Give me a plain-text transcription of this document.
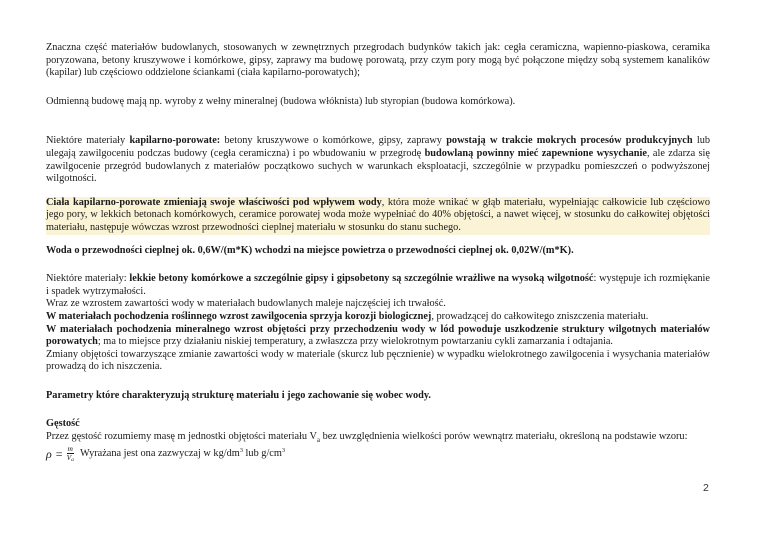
Znaczna część materiałów budowlanych, stosowanych w zewnętrznych przegrodach budynków takich jak: cegła ceramiczna, wapienno-piaskowa, ceramika poryzowana, betony kruszywowe i komórkowe, gipsy, zaprawy ma budowę porowatą, przy czym pory mogą być połączone między sobą systemem kanalików (kapilar) lub częściowo oddzielone ściankami (ciała kapilarno-porowatych);

Odmienną budowę mają np. wyroby z wełny mineralnej (budowa włóknista) lub styropian (budowa komórkowa).

Niektóre materiały kapilarno-porowate: betony kruszywowe o komórkowe, gipsy, zaprawy powstają w trakcie mokrych procesów produkcyjnych lub ulegają zawilgoceniu podczas budowy (cegła ceramiczna) i po wbudowaniu w przegrodę budowlaną powinny mieć zapewnione wysychanie, ale zdarza się zawilgocenie przegród budowlanych z materiałów początkowo suchych w warunkach eksploatacji, szczególnie w przypadku pomieszczeń o podwyższonej wilgotności.

Ciała kapilarno-porowate zmieniają swoje właściwości pod wpływem wody, która może wnikać w głąb materiału, wypełniając całkowicie lub częściowo jego pory, w lekkich betonach komórkowych, ceramice porowatej woda może wypełniać do 40% objętości, a nawet więcej, w stosunku do całkowitej objętości materiału, następuje wówczas wzrost przewodności cieplnej materiału w stosunku do stanu suchego.

Woda o przewodności cieplnej ok. 0,6W/(m*K) wchodzi na miejsce powietrza o przewodności cieplnej ok. 0,02W/(m*K).

Niektóre materiały: lekkie betony komórkowe a szczególnie gipsy i gipsobetony są szczególnie wrażliwe na wysoką wilgotność: występuje ich rozmiękanie i spadek wytrzymałości.

Wraz ze wzrostem zawartości wody w materiałach budowlanych maleje najczęściej ich trwałość.

W materiałach pochodzenia roślinnego wzrost zawilgocenia sprzyja korozji biologicznej, prowadzącej do całkowitego zniszczenia materiału.

W materiałach pochodzenia mineralnego wzrost objętości przy przechodzeniu wody w lód powoduje uszkodzenie struktury wilgotnych materiałów porowatych; ma to miejsce przy działaniu niskiej temperatury, a zwłaszcza przy wielokrotnym powtarzaniu cykli zamarzania i odtajania.

Zmiany objętości towarzyszące zmianie zawartości wody w materiale (skurcz lub pęcznienie) w wypadku wielokrotnego zawilgocenia i wysychania materiałów prowadzą do ich niszczenia.

Parametry które charakteryzują strukturę materiału i jego zachowanie się wobec wody.

Gęstość

Przez gęstość rozumiemy masę m jednostki objętości materiału $V_a$ bez uwzględnienia wielkości porów wewnątrz materiału, określoną na podstawie wzoru:

$\rho = \frac{m}{V_a}$ Wyrażana jest ona zazwyczaj w $kg/dm^3$ lub $g/cm^3$
2
